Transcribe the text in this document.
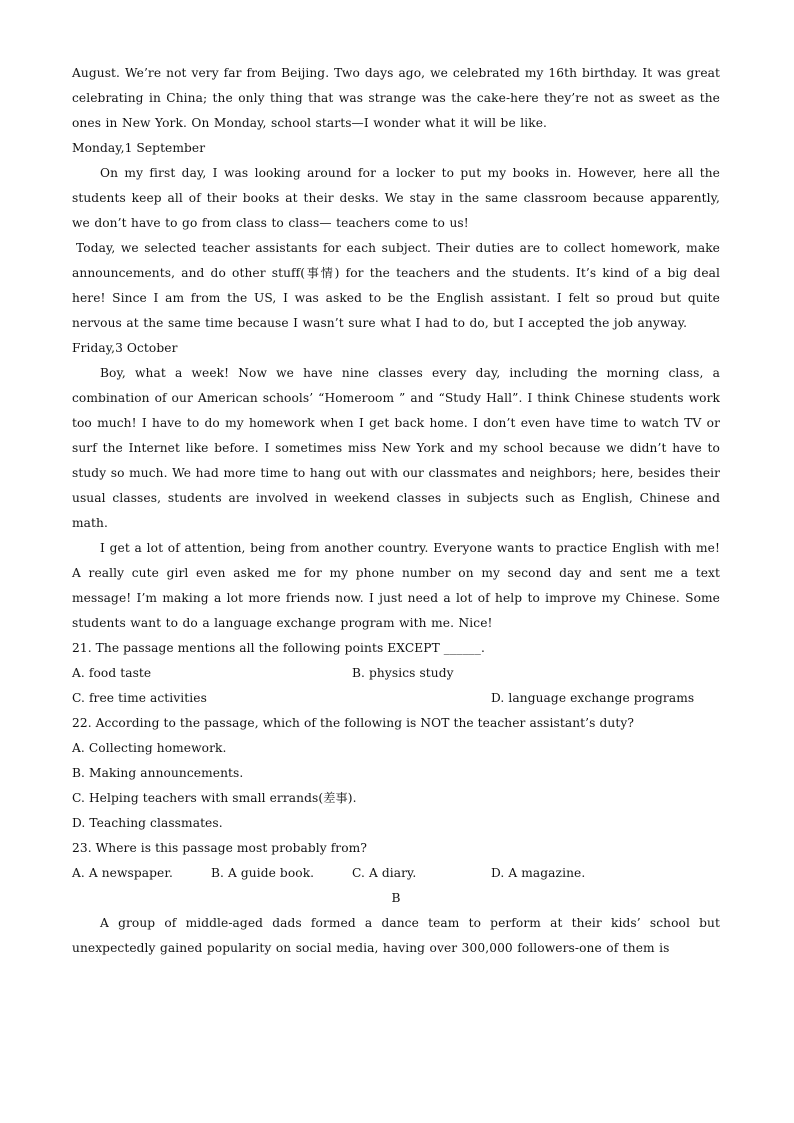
August. We’re not very far from Beijing. Two days ago, we celebrated my 16th birthday. It was great celebrating in China; the only thing that was strange was the cake-here they’re not as sweet as the ones in New York. On Monday, school starts—I wonder what it will be like.

Monday,1 September

On my first day, I was looking around for a locker to put my books in. However, here all the students keep all of their books at their desks. We stay in the same classroom because apparently, we don’t have to go from class to class— teachers come to us!

Today, we selected teacher assistants for each subject. Their duties are to collect homework, make announcements, and do other stuff(事情) for the teachers and the students. It’s kind of a big deal here! Since I am from the US, I was asked to be the English assistant. I felt so proud but quite nervous at the same time because I wasn’t sure what I had to do, but I accepted the job anyway.

Friday,3 October

Boy, what a week! Now we have nine classes every day, including the morning class, a combination of our American schools’ “Homeroom ” and “Study Hall”. I think Chinese students work too much! I have to do my homework when I get back home. I don’t even have time to watch TV or surf the Internet like before. I sometimes miss New York and my school because we didn’t have to study so much. We had more time to hang out with our classmates and neighbors; here, besides their usual classes, students are involved in weekend classes in subjects such as English, Chinese and math.

I get a lot of attention, being from another country. Everyone wants to practice English with me! A really cute girl even asked me for my phone number on my second day and sent me a text message! I’m making a lot more friends now. I just need a lot of help to improve my Chinese. Some students want to do a language exchange program with me. Nice!

21. The passage mentions all the following points EXCEPT ______.

A. food taste	B. physics study
C. free time activities	D. language exchange programs

22. According to the passage, which of the following is NOT the teacher assistant’s duty?

A. Collecting homework.

B. Making announcements.

C. Helping teachers with small errands(差事).

D. Teaching classmates.

23. Where is this passage most probably from?

A. A newspaper.	B. A guide book.	C. A diary.	D. A magazine.

B

A group of middle-aged dads formed a dance team to perform at their kids’ school but unexpectedly gained popularity on social media, having over 300,000 followers-one of them is
